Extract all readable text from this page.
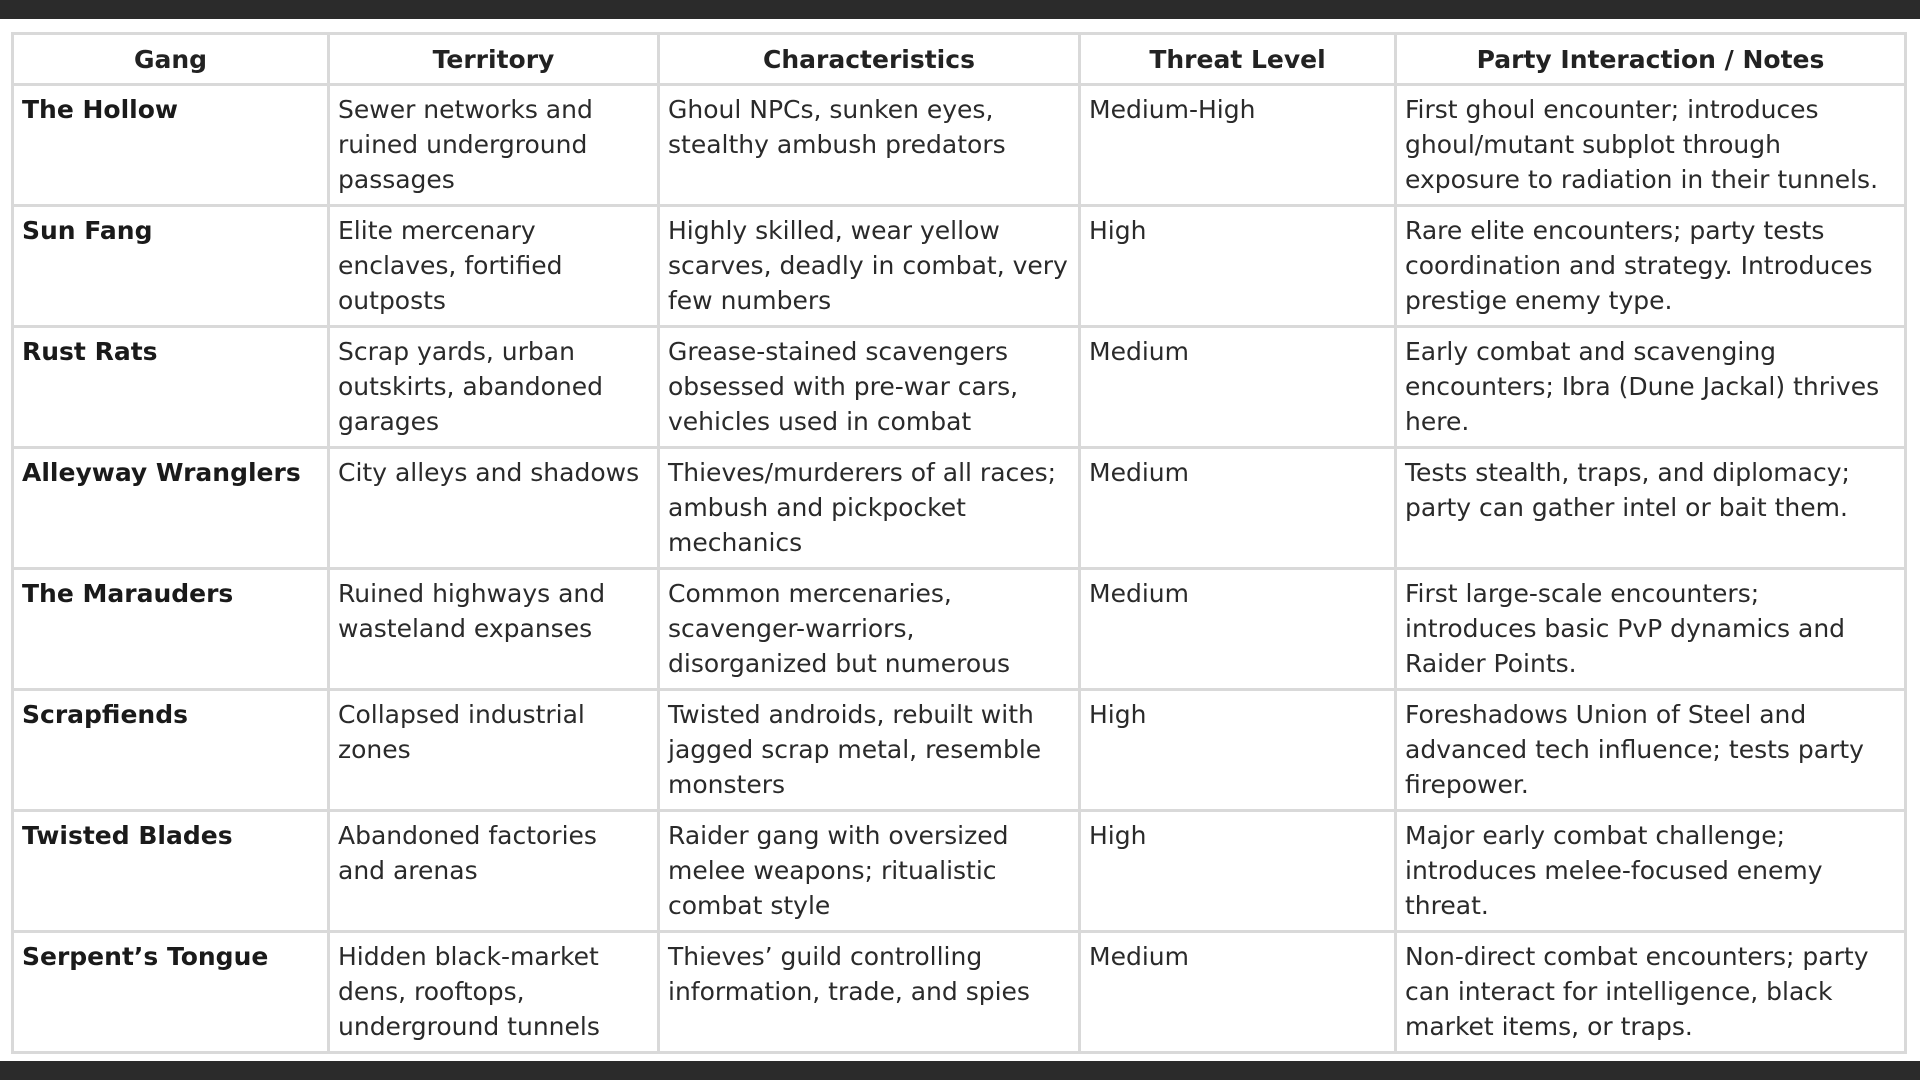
Gang	Territory	Characteristics	Threat Level	Party Interaction / Notes
The Hollow	Sewer networks and ruined underground passages	Ghoul NPCs, sunken eyes, stealthy ambush predators	Medium-High	First ghoul encounter; introduces ghoul/mutant subplot through exposure to radiation in their tunnels.
Sun Fang	Elite mercenary enclaves, fortified outposts	Highly skilled, wear yellow scarves, deadly in combat, very few numbers	High	Rare elite encounters; party tests coordination and strategy. Introduces prestige enemy type.
Rust Rats	Scrap yards, urban outskirts, abandoned garages	Grease-stained scavengers obsessed with pre-war cars, vehicles used in combat	Medium	Early combat and scavenging encounters; Ibra (Dune Jackal) thrives here.
Alleyway Wranglers	City alleys and shadows	Thieves/murderers of all races; ambush and pickpocket mechanics	Medium	Tests stealth, traps, and diplomacy; party can gather intel or bait them.
The Marauders	Ruined highways and wasteland expanses	Common mercenaries, scavenger-warriors, disorganized but numerous	Medium	First large-scale encounters; introduces basic PvP dynamics and Raider Points.
Scrapfiends	Collapsed industrial zones	Twisted androids, rebuilt with jagged scrap metal, resemble monsters	High	Foreshadows Union of Steel and advanced tech influence; tests party firepower.
Twisted Blades	Abandoned factories and arenas	Raider gang with oversized melee weapons; ritualistic combat style	High	Major early combat challenge; introduces melee-focused enemy threat.
Serpent’s Tongue	Hidden black-market dens, rooftops, underground tunnels	Thieves’ guild controlling information, trade, and spies	Medium	Non-direct combat encounters; party can interact for intelligence, black market items, or traps.
